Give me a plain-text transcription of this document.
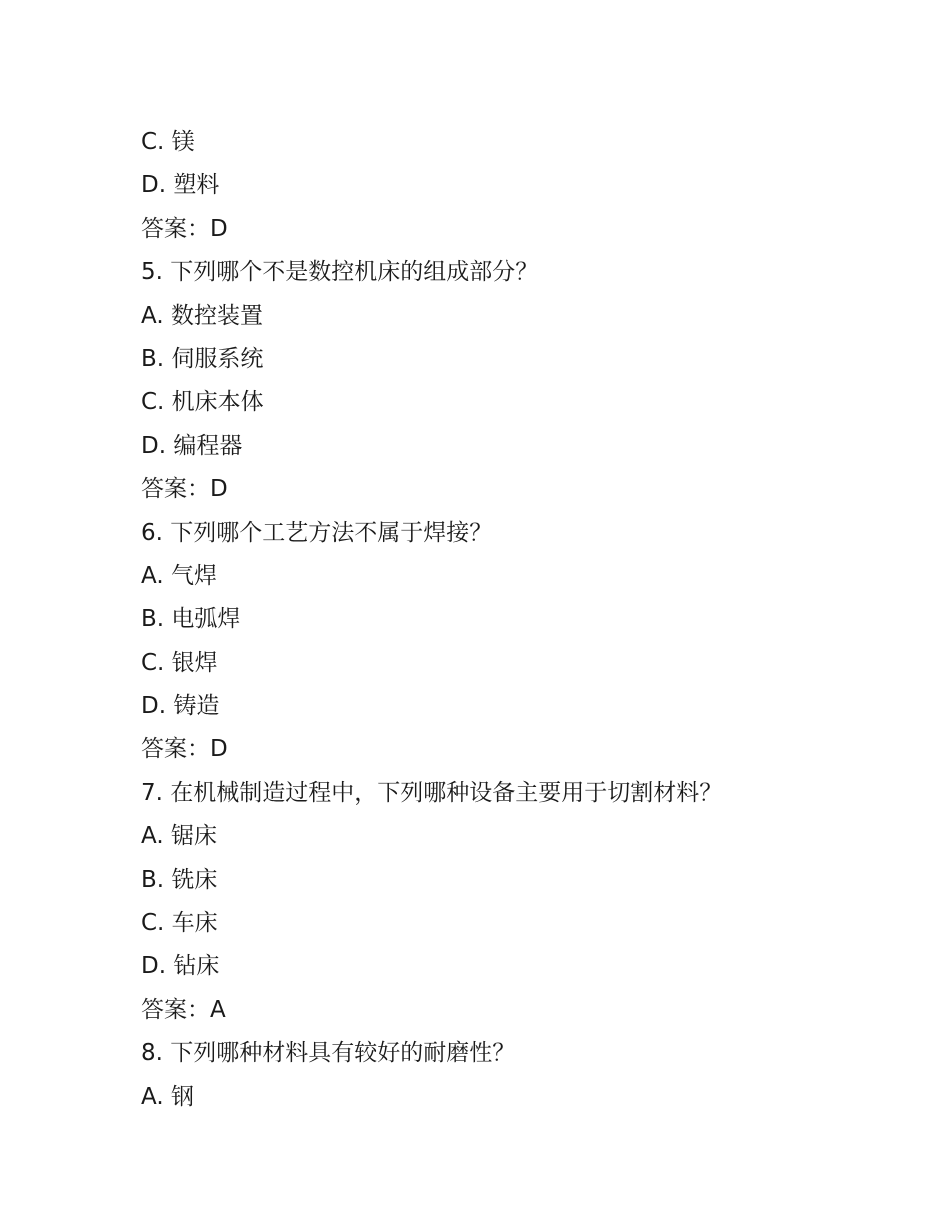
C. 镁

D. 塑料

答案：D

5. 下列哪个不是数控机床的组成部分？

A. 数控装置

B. 伺服系统

C. 机床本体

D. 编程器

答案：D

6. 下列哪个工艺方法不属于焊接？

A. 气焊

B. 电弧焊

C. 银焊

D. 铸造

答案：D

7. 在机械制造过程中，下列哪种设备主要用于切割材料？

A. 锯床

B. 铣床

C. 车床

D. 钻床

答案：A

8. 下列哪种材料具有较好的耐磨性？

A. 钢
